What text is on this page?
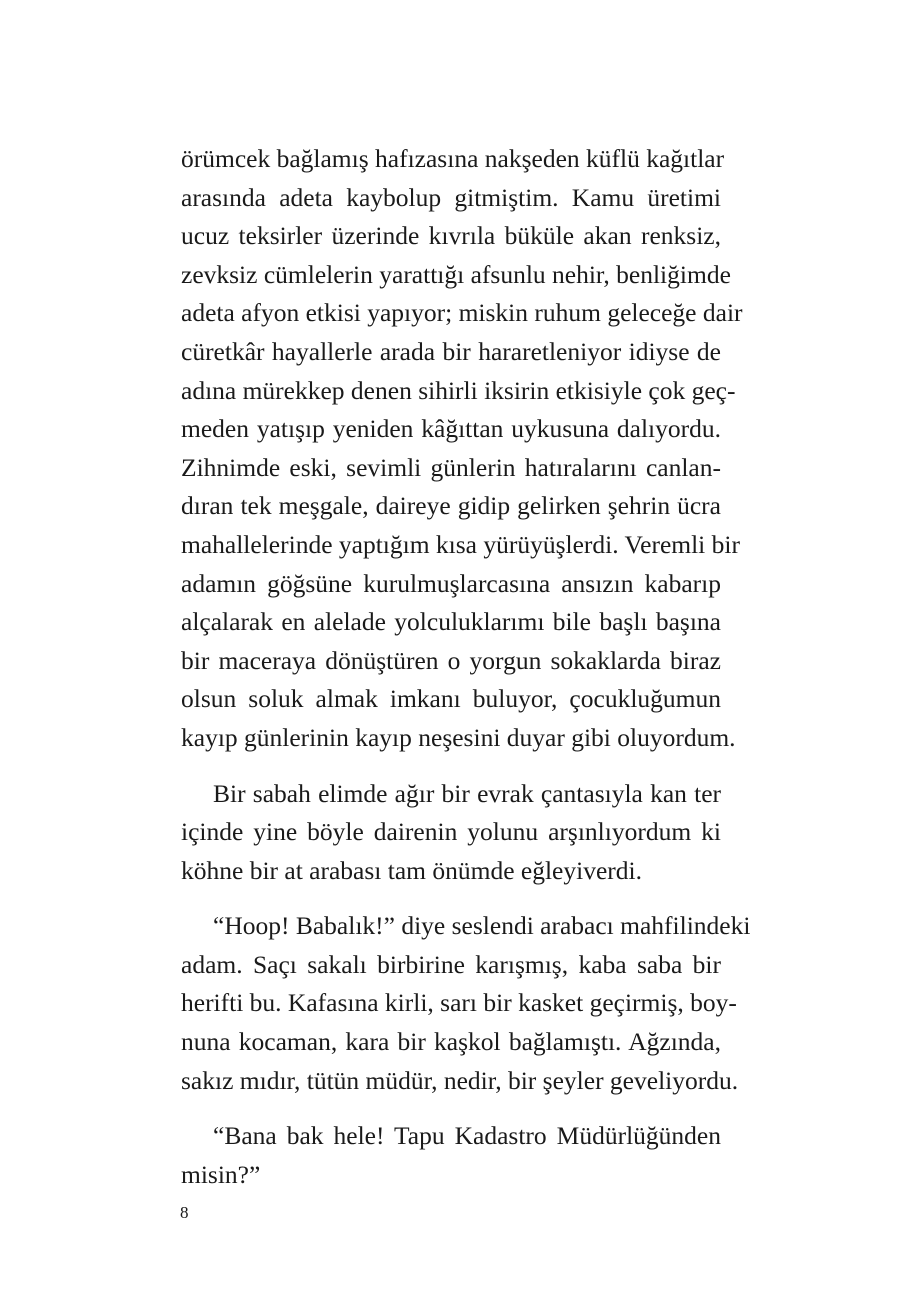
örümcek bağlamış hafızasına nakşeden küflü kağıtlar
arasında adeta kaybolup gitmiştim. Kamu üretimi
ucuz teksirler üzerinde kıvrıla büküle akan renksiz,
zevksiz cümlelerin yarattığı afsunlu nehir, benliğimde
adeta afyon etkisi yapıyor; miskin ruhum geleceğe dair
cüretkâr hayallerle arada bir hararetleniyor idiyse de
adına mürekkep denen sihirli iksirin etkisiyle çok geç-
meden yatışıp yeniden kâğıttan uykusuna dalıyordu.
Zihnimde eski, sevimli günlerin hatıralarını canlan-
dıran tek meşgale, daireye gidip gelirken şehrin ücra
mahallelerinde yaptığım kısa yürüyüşlerdi. Veremli bir
adamın göğsüne kurulmuşlarcasına ansızın kabarıp
alçalarak en alelade yolculuklarımı bile başlı başına
bir maceraya dönüştüren o yorgun sokaklarda biraz
olsun soluk almak imkanı buluyor, çocukluğumun
kayıp günlerinin kayıp neşesini duyar gibi oluyordum.
Bir sabah elimde ağır bir evrak çantasıyla kan ter
içinde yine böyle dairenin yolunu arşınlıyordum ki
köhne bir at arabası tam önümde eğleyiverdi.
“Hoop! Babalık!” diye seslendi arabacı mahfilindeki
adam. Saçı sakalı birbirine karışmış, kaba saba bir
herifti bu. Kafasına kirli, sarı bir kasket geçirmiş, boy-
nuna kocaman, kara bir kaşkol bağlamıştı. Ağzında,
sakız mıdır, tütün müdür, nedir, bir şeyler geveliyordu.
“Bana bak hele! Tapu Kadastro Müdürlüğünden
misin?”
8
